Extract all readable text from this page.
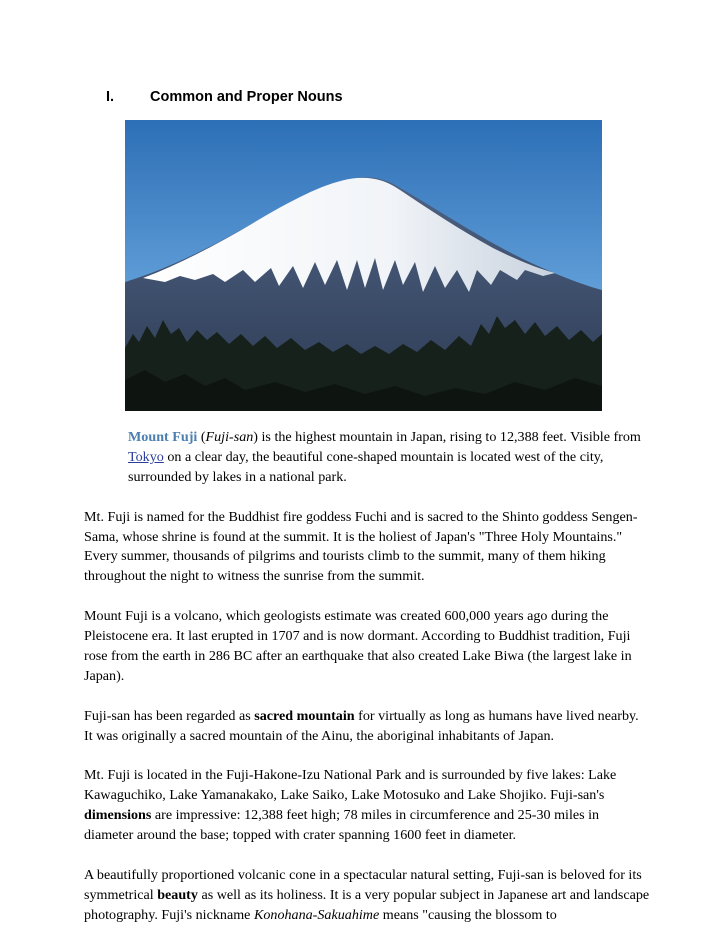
I.	Common and Proper Nouns

Mount Fuji (Fuji-san) is the highest mountain in Japan, rising to 12,388 feet. Visible from Tokyo on a clear day, the beautiful cone-shaped mountain is located west of the city, surrounded by lakes in a national park.

Mt. Fuji is named for the Buddhist fire goddess Fuchi and is sacred to the Shinto goddess Sengen-Sama, whose shrine is found at the summit. It is the holiest of Japan's "Three Holy Mountains." Every summer, thousands of pilgrims and tourists climb to the summit, many of them hiking throughout the night to witness the sunrise from the summit.

Mount Fuji is a volcano, which geologists estimate was created 600,000 years ago during the Pleistocene era. It last erupted in 1707 and is now dormant. According to Buddhist tradition, Fuji rose from the earth in 286 BC after an earthquake that also created Lake Biwa (the largest lake in Japan).

Fuji-san has been regarded as sacred mountain for virtually as long as humans have lived nearby. It was originally a sacred mountain of the Ainu, the aboriginal inhabitants of Japan.

Mt. Fuji is located in the Fuji-Hakone-Izu National Park and is surrounded by five lakes: Lake Kawaguchiko, Lake Yamanakako, Lake Saiko, Lake Motosuko and Lake Shojiko. Fuji-san's dimensions are impressive: 12,388 feet high; 78 miles in circumference and 25-30 miles in diameter around the base; topped with crater spanning 1600 feet in diameter.

A beautifully proportioned volcanic cone in a spectacular natural setting, Fuji-san is beloved for its symmetrical beauty as well as its holiness. It is a very popular subject in Japanese art and landscape photography. Fuji's nickname Konohana-Sakuahime means "causing the blossom to
